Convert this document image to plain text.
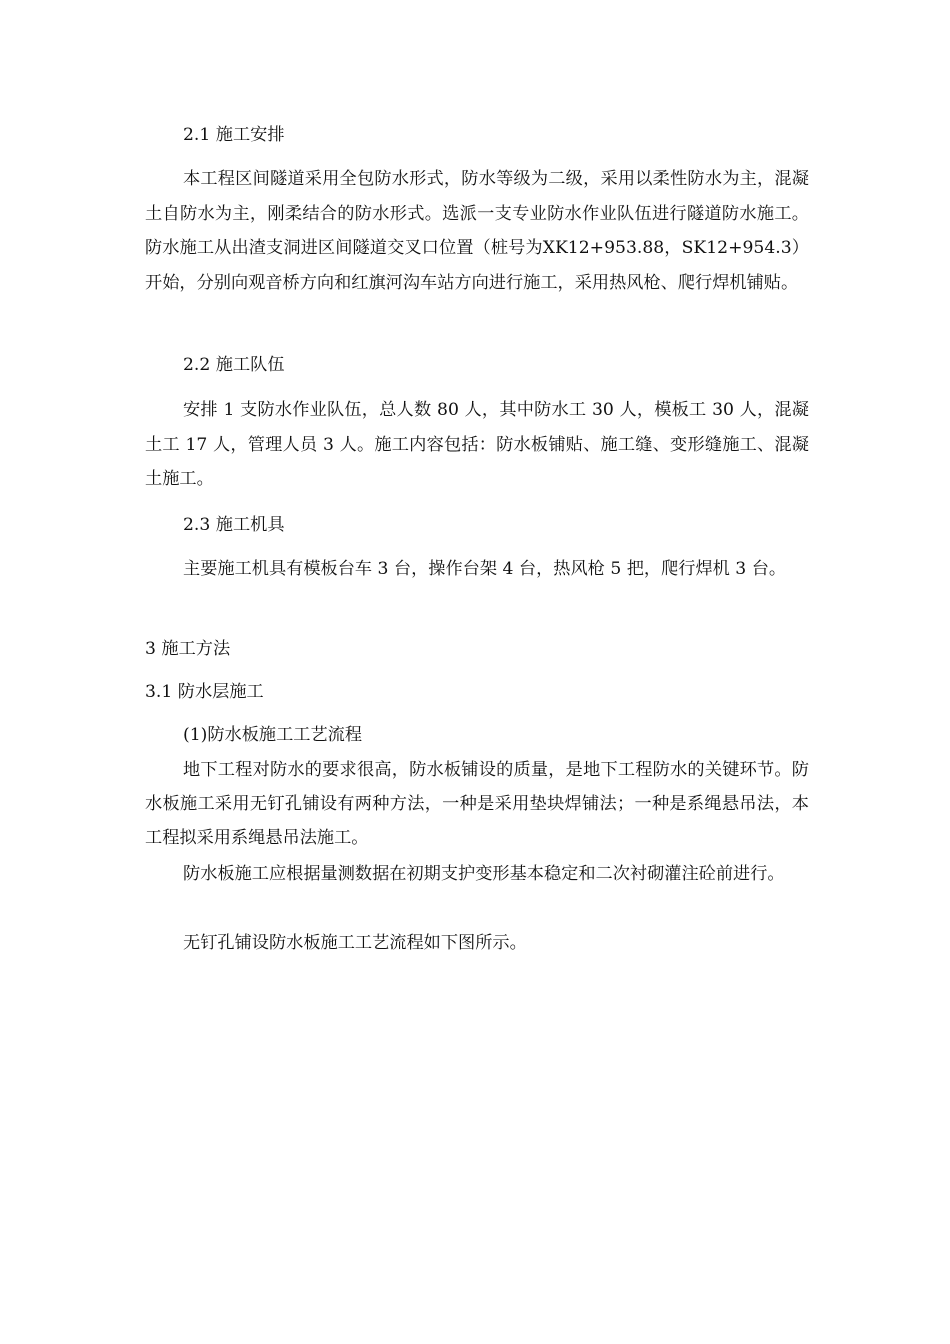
2.1 施工安排

本工程区间隧道采用全包防水形式，防水等级为二级，采用以柔性防水为主，混凝土自防水为主，刚柔结合的防水形式。选派一支专业防水作业队伍进行隧道防水施工。防水施工从出渣支洞进区间隧道交叉口位置（桩号为XK12+953.88，SK12+954.3）开始，分别向观音桥方向和红旗河沟车站方向进行施工，采用热风枪、爬行焊机铺贴。

2.2 施工队伍

安排 1 支防水作业队伍，总人数 80 人，其中防水工 30 人，模板工 30 人，混凝土工 17 人，管理人员 3 人。施工内容包括：防水板铺贴、施工缝、变形缝施工、混凝土施工。

2.3 施工机具

主要施工机具有模板台车 3 台，操作台架 4 台，热风枪 5 把，爬行焊机 3 台。

3 施工方法

3.1 防水层施工

(1)防水板施工工艺流程

地下工程对防水的要求很高，防水板铺设的质量，是地下工程防水的关键环节。防水板施工采用无钉孔铺设有两种方法，一种是采用垫块焊铺法；一种是系绳悬吊法，本工程拟采用系绳悬吊法施工。

防水板施工应根据量测数据在初期支护变形基本稳定和二次衬砌灌注砼前进行。

无钉孔铺设防水板施工工艺流程如下图所示。
